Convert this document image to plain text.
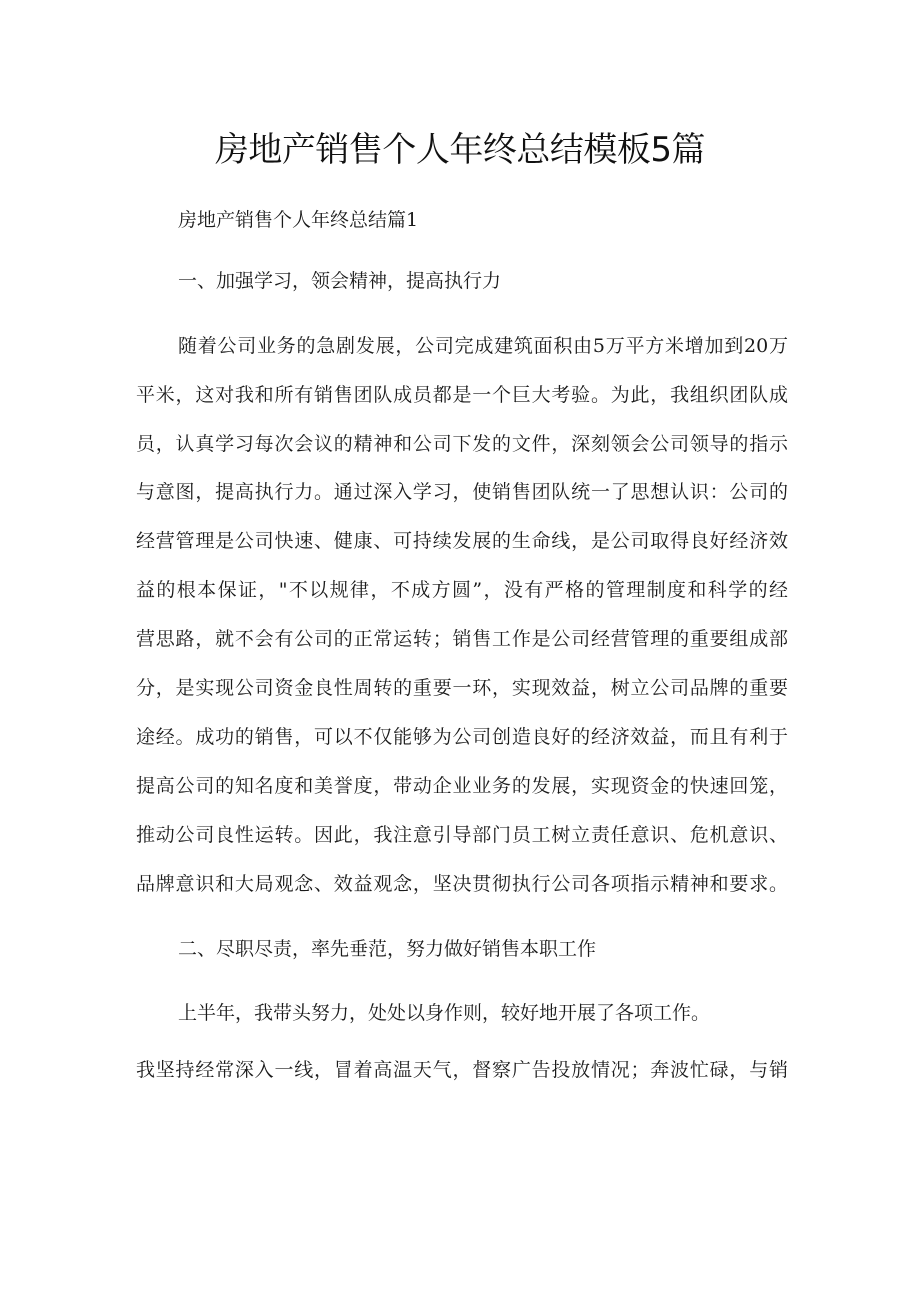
房地产销售个人年终总结模板5篇
房地产销售个人年终总结篇1
一、加强学习，领会精神，提高执行力
随着公司业务的急剧发展，公司完成建筑面积由5万平方米增加到20万
平米，这对我和所有销售团队成员都是一个巨大考验。为此，我组织团队成
员，认真学习每次会议的精神和公司下发的文件，深刻领会公司领导的指示
与意图，提高执行力。通过深入学习，使销售团队统一了思想认识：公司的
经营管理是公司快速、健康、可持续发展的生命线，是公司取得良好经济效
益的根本保证，"不以规律，不成方圆”，没有严格的管理制度和科学的经
营思路，就不会有公司的正常运转；销售工作是公司经营管理的重要组成部
分，是实现公司资金良性周转的重要一环，实现效益，树立公司品牌的重要
途经。成功的销售，可以不仅能够为公司创造良好的经济效益，而且有利于
提高公司的知名度和美誉度，带动企业业务的发展，实现资金的快速回笼，
推动公司良性运转。因此，我注意引导部门员工树立责任意识、危机意识、
品牌意识和大局观念、效益观念，坚决贯彻执行公司各项指示精神和要求。
二、尽职尽责，率先垂范，努力做好销售本职工作
上半年，我带头努力，处处以身作则，较好地开展了各项工作。
我坚持经常深入一线，冒着高温天气，督察广告投放情况；奔波忙碌，与销
